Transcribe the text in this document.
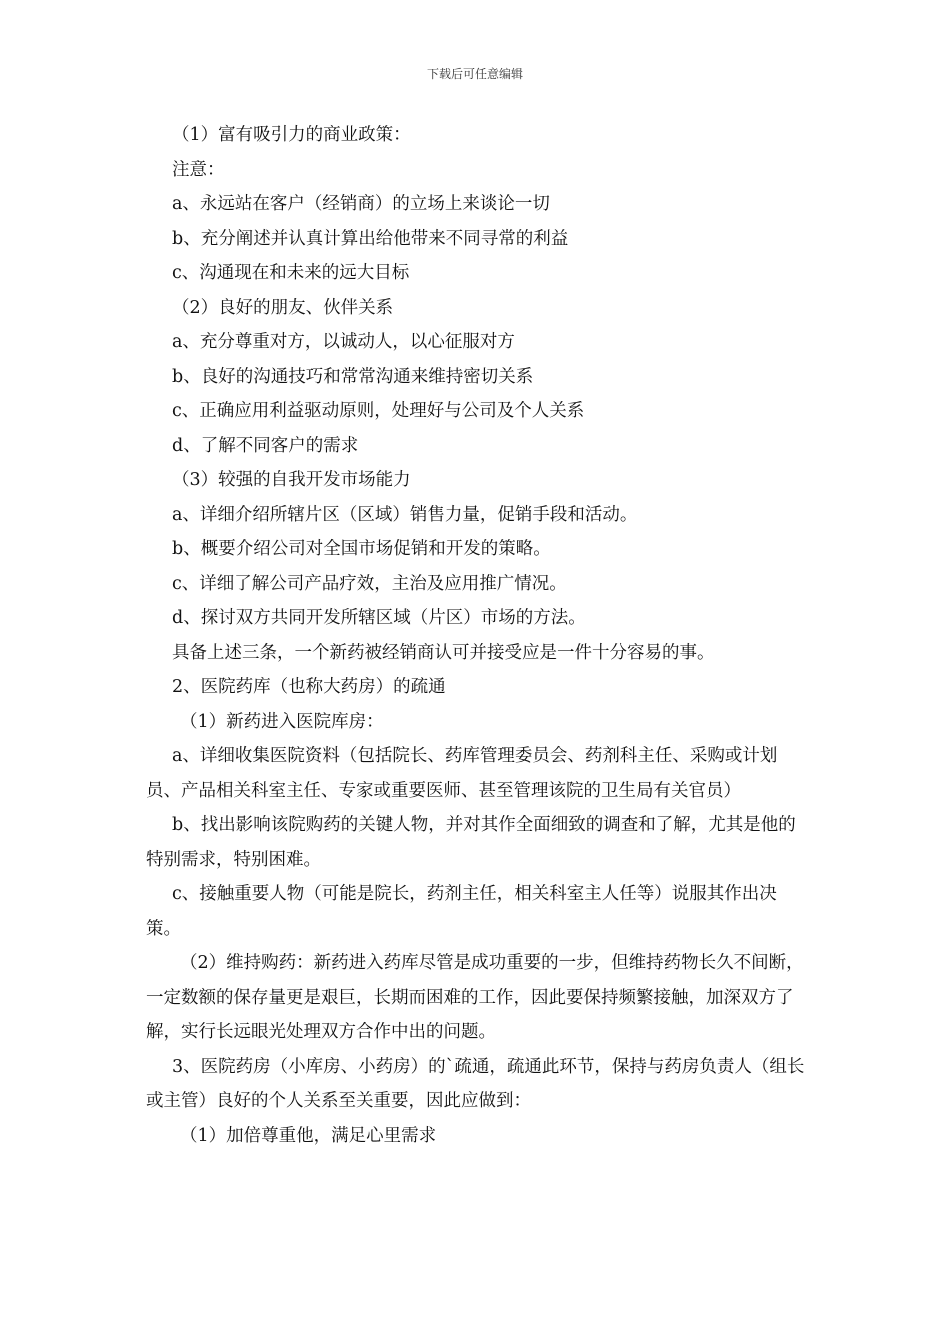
下载后可任意编辑

（1）富有吸引力的商业政策：

注意：

a、永远站在客户（经销商）的立场上来谈论一切

b、充分阐述并认真计算出给他带来不同寻常的利益

c、沟通现在和未来的远大目标

（2）良好的朋友、伙伴关系

a、充分尊重对方，以诚动人，以心征服对方

b、良好的沟通技巧和常常沟通来维持密切关系

c、正确应用利益驱动原则，处理好与公司及个人关系

d、了解不同客户的需求

（3）较强的自我开发市场能力

a、详细介绍所辖片区（区域）销售力量，促销手段和活动。

b、概要介绍公司对全国市场促销和开发的策略。

c、详细了解公司产品疗效，主治及应用推广情况。

d、探讨双方共同开发所辖区域（片区）市场的方法。

具备上述三条，一个新药被经销商认可并接受应是一件十分容易的事。

2、医院药库（也称大药房）的疏通

（1）新药进入医院库房：

a、详细收集医院资料（包括院长、药库管理委员会、药剂科主任、采购或计划员、产品相关科室主任、专家或重要医师、甚至管理该院的卫生局有关官员）

b、找出影响该院购药的关键人物，并对其作全面细致的调查和了解，尤其是他的特别需求，特别困难。

c、接触重要人物（可能是院长，药剂主任，相关科室主人任等）说服其作出决策。

（2）维持购药：新药进入药库尽管是成功重要的一步，但维持药物长久不间断，一定数额的保存量更是艰巨，长期而困难的工作，因此要保持频繁接触，加深双方了解，实行长远眼光处理双方合作中出的问题。

3、医院药房（小库房、小药房）的`疏通，疏通此环节，保持与药房负责人（组长或主管）良好的个人关系至关重要，因此应做到：

（1）加倍尊重他，满足心里需求
